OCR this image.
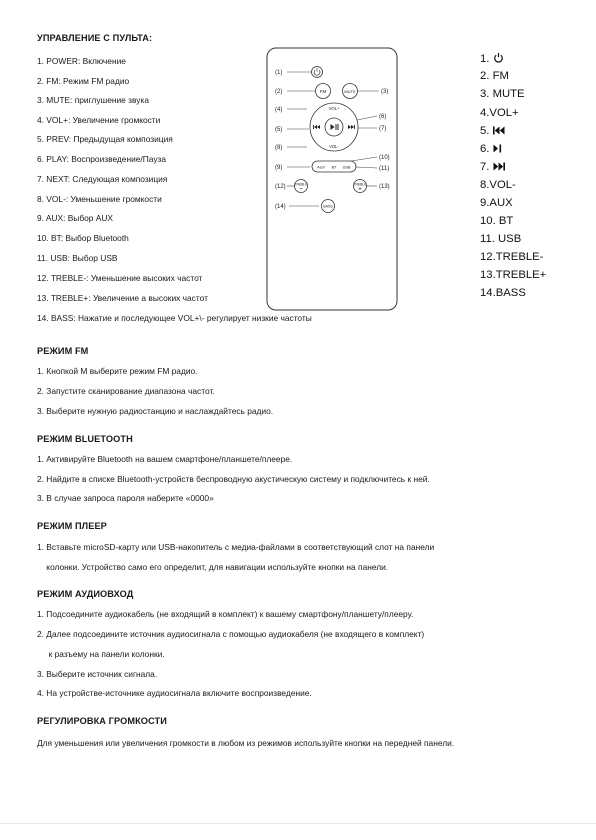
УПРАВЛЕНИЕ С ПУЛЬТА:
1. POWER: Включение
2. FM: Режим FM радио
3. MUTE: приглушение звука
4. VOL+: Увеличение громкости
5. PREV: Предыдущая композиция
6. PLAY: Воспроизведение/Пауза
7. NEXT: Следующая композиция
8. VOL-: Уменьшение громкости
9. AUX: Выбор AUX
10. BT: Выбор Bluetooth
11. USB: Выбор USB
12. TREBLE-: Уменьшение высоких частот
13. TREBLE+: Увеличение а высоких частот
14. BASS: Нажатие и последующее VOL+\- регулирует низкие частоты
(1)
(2)	(3)
(4)
(5)
(6)
(7)
(8)
(9)
(10)
(11)
(12)	(13)
(14)
FM	MUTE
VOL+
VOL-
AUX BT USB
TREBLE	TREBLE
BASS
1.
2. FM
3. MUTE
4.VOL+
5.
6.
7.
8.VOL-
9.AUX
10. BT
11. USB
12.TREBLE-
13.TREBLE+
14.BASS
РЕЖИМ FM
1. Кнопкой M выберите режим FM радио.
2. Запустите сканирование диапазона частот.
3. Выберите нужную радиостанцию и наслаждайтесь радио.
РЕЖИМ BLUETOOTH
1. Активируйте Bluetooth на вашем смартфоне/планшете/плеере.
2. Найдите в списке Bluetooth-устройств беспроводную акустическую систему и подключитесь к ней.
3. В случае запроса пароля наберите «0000»
РЕЖИМ ПЛЕЕР
1. Вставьте microSD-карту или USB-накопитель с медиа-файлами в соответствующий слот на панели
колонки. Устройство само его определит, для навигации используйте кнопки на панели.
РЕЖИМ АУДИОВХОД
1. Подсоедините аудиокабель (не входящий в комплект) к вашему смартфону/планшету/плееру.
2. Далее подсоедините источник аудиосигнала с помощью аудиокабеля (не входящего в комплект)
к разъему на панели колонки.
3. Выберите источник сигнала.
4. На устройстве-источнике аудиосигнала включите воспроизведение.
РЕГУЛИРОВКА ГРОМКОСТИ
Для уменьшения или увеличения громкости в любом из режимов используйте кнопки на передней панели.
